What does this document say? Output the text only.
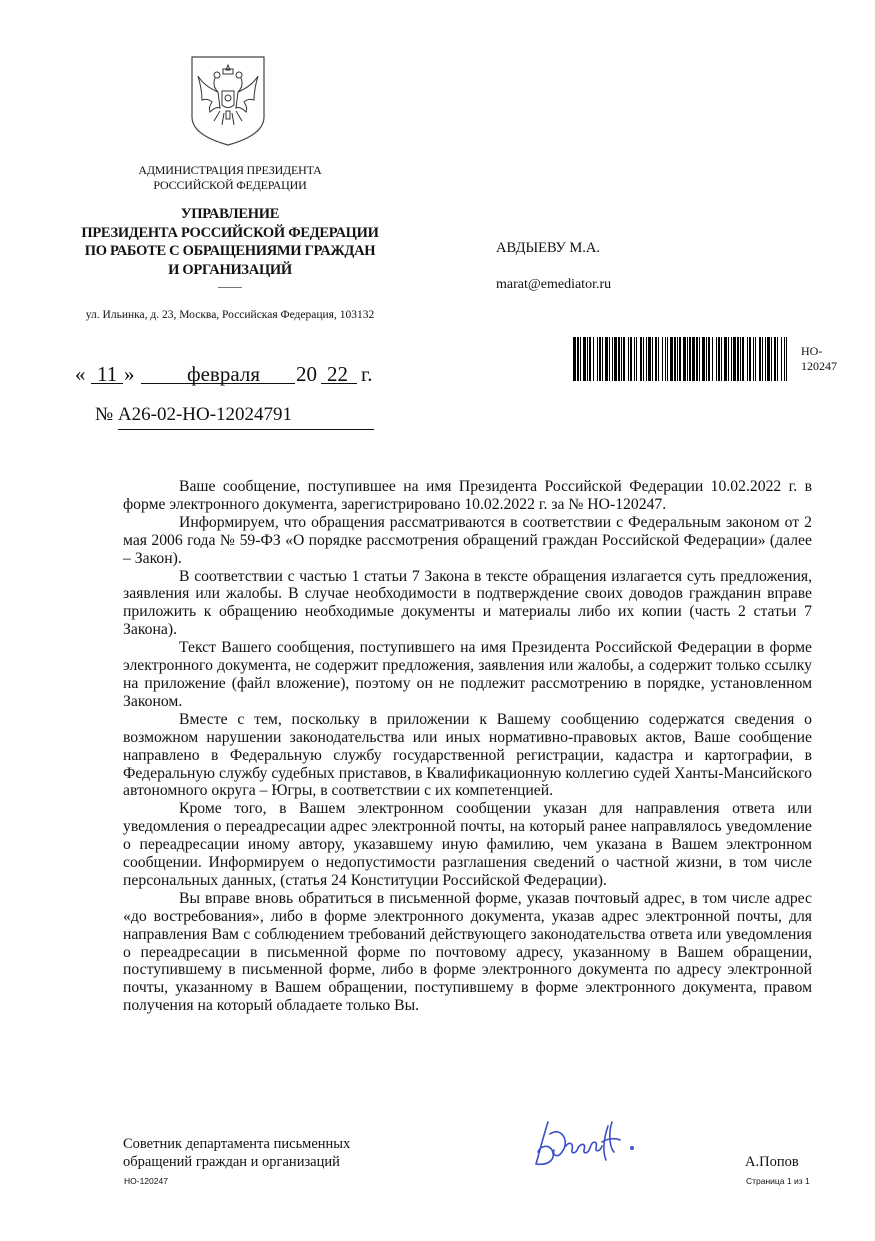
АДМИНИСТРАЦИЯ ПРЕЗИДЕНТА
РОССИЙСКОЙ ФЕДЕРАЦИИ
УПРАВЛЕНИЕ
ПРЕЗИДЕНТА РОССИЙСКОЙ ФЕДЕРАЦИИ
ПО РАБОТЕ С ОБРАЩЕНИЯМИ ГРАЖДАН
И ОРГАНИЗАЦИЙ
ул. Ильинка, д. 23, Москва, Российская Федерация, 103132
« 11 »	февраля 20 22 г.
№ А26-02-НО-12024791
АВДЫЕВУ М.А.
marat@emediator.ru
НО-
120247

Ваше сообщение, поступившее на имя Президента Российской Федерации 10.02.2022 г. в форме электронного документа, зарегистрировано 10.02.2022 г. за № НО-120247.

Информируем, что обращения рассматриваются в соответствии с Федеральным законом от 2 мая 2006 года № 59-ФЗ «О порядке рассмотрения обращений граждан Российской Федерации» (далее – Закон).

В соответствии с частью 1 статьи 7 Закона в тексте обращения излагается суть предложения, заявления или жалобы. В случае необходимости в подтверждение своих доводов гражданин вправе приложить к обращению необходимые документы и материалы либо их копии (часть 2 статьи 7 Закона).

Текст Вашего сообщения, поступившего на имя Президента Российской Федерации в форме электронного документа, не содержит предложения, заявления или жалобы, а содержит только ссылку на приложение (файл вложение), поэтому он не подлежит рассмотрению в порядке, установленном Законом.

Вместе с тем, поскольку в приложении к Вашему сообщению содержатся сведения о возможном нарушении законодательства или иных нормативно-правовых актов, Ваше сообщение направлено в Федеральную службу государственной регистрации, кадастра и картографии, в Федеральную службу судебных приставов, в Квалификационную коллегию судей Ханты-Мансийского автономного округа – Югры, в соответствии с их компетенцией.

Кроме того, в Вашем электронном сообщении указан для направления ответа или уведомления о переадресации адрес электронной почты, на который ранее направлялось уведомление о переадресации иному автору, указавшему иную фамилию, чем указана в Вашем электронном сообщении. Информируем о недопустимости разглашения сведений о частной жизни, в том числе персональных данных, (статья 24 Конституции Российской Федерации).

Вы вправе вновь обратиться в письменной форме, указав почтовый адрес, в том числе адрес «до востребования», либо в форме электронного документа, указав адрес электронной почты, для направления Вам с соблюдением требований действующего законодательства ответа или уведомления о переадресации в письменной форме по почтовому адресу, указанному в Вашем обращении, поступившему в письменной форме, либо в форме электронного документа по адресу электронной почты, указанному в Вашем обращении, поступившему в форме электронного документа, правом получения на который обладаете только Вы.

Советник департамента письменных
обращений граждан и организаций	А.Попов
НО-120247	Страница 1 из 1
